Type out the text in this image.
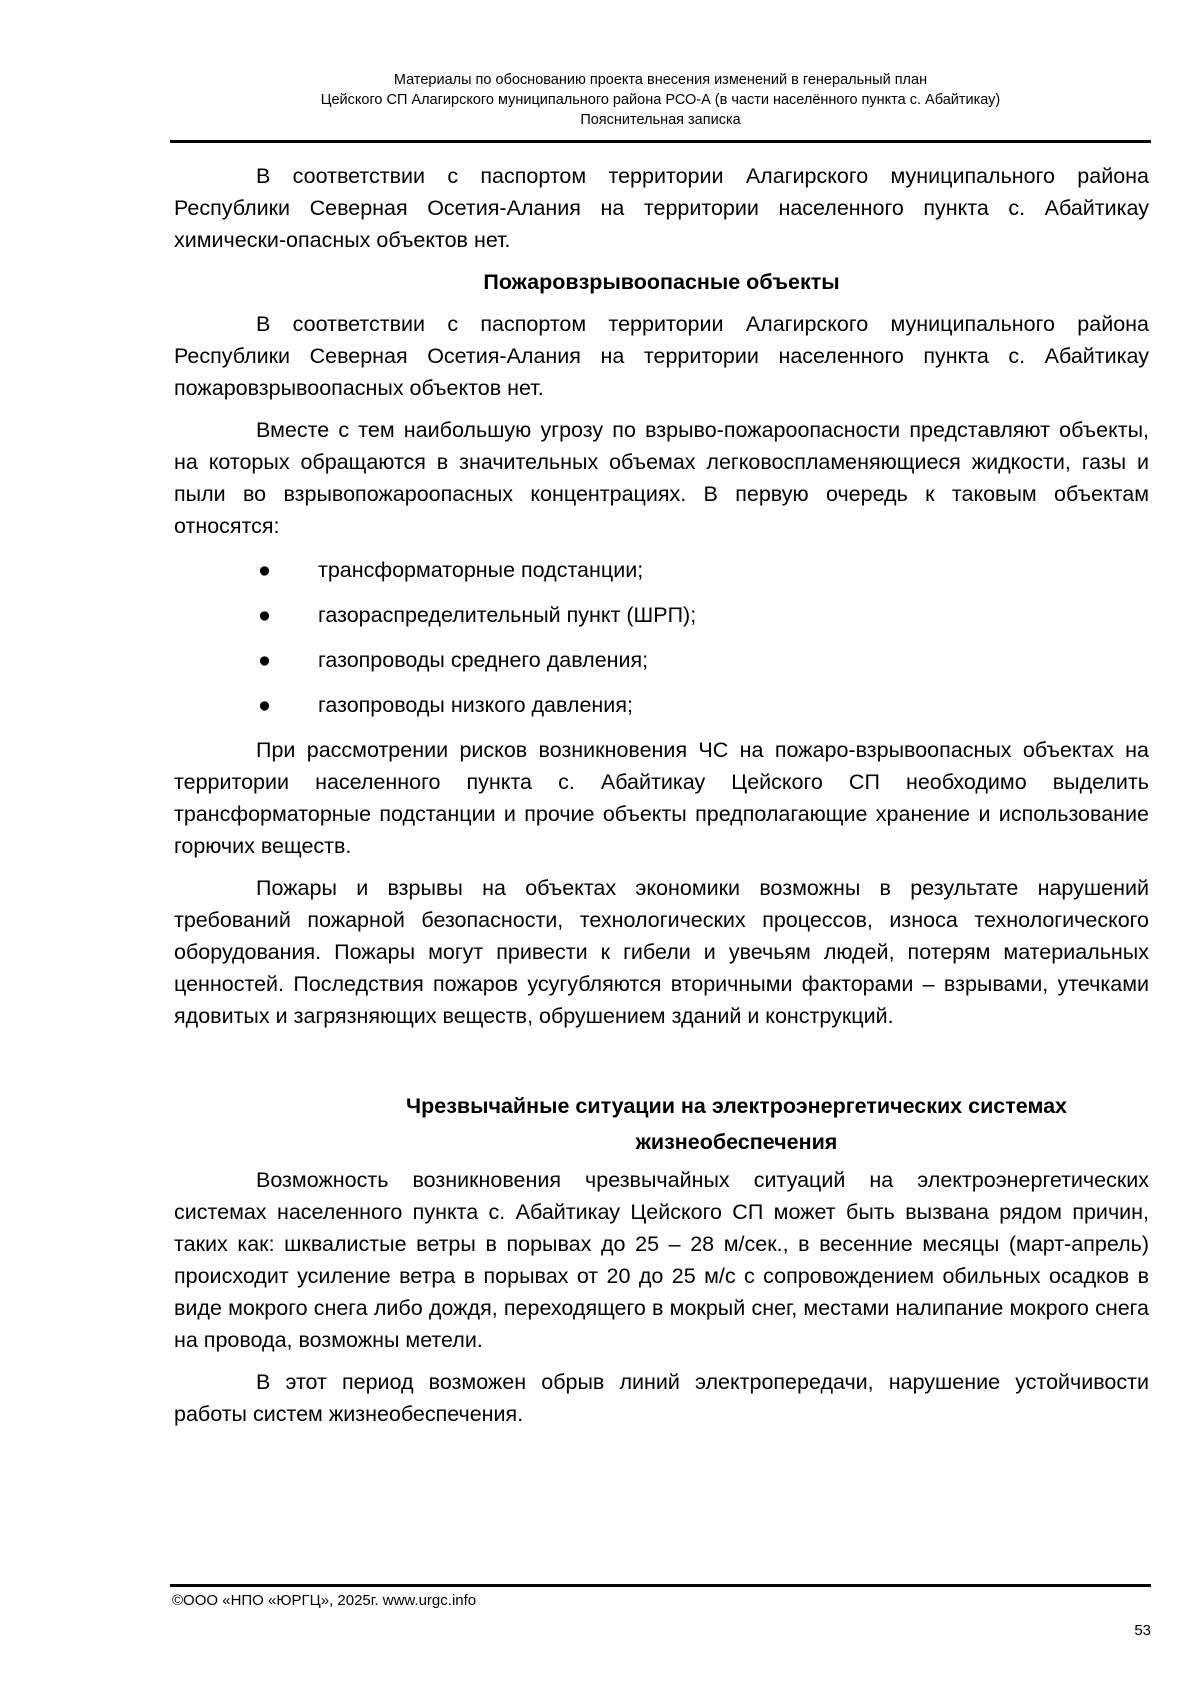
Материалы по обоснованию проекта внесения изменений в генеральный план
Цейского СП Алагирского муниципального района РСО-А (в части населённого пункта с. Абайтикау)
Пояснительная записка

В соответствии с паспортом территории Алагирского муниципального района Республики Северная Осетия-Алания на территории населенного пункта с. Абайтикау химически-опасных объектов нет.

Пожаровзрывоопасные объекты

В соответствии с паспортом территории Алагирского муниципального района Республики Северная Осетия-Алания на территории населенного пункта с. Абайтикау пожаровзрывоопасных объектов нет.

Вместе с тем наибольшую угрозу по взрыво-пожароопасности представляют объекты, на которых обращаются в значительных объемах легковоспламеняющиеся жидкости, газы и пыли во взрывопожароопасных концентрациях. В первую очередь к таковым объектам относятся:

● трансформаторные подстанции;
● газораспределительный пункт (ШРП);
● газопроводы среднего давления;
● газопроводы низкого давления;

При рассмотрении рисков возникновения ЧС на пожаро-взрывоопасных объектах на территории населенного пункта с. Абайтикау Цейского СП необходимо выделить трансформаторные подстанции и прочие объекты предполагающие хранение и использование горючих веществ.

Пожары и взрывы на объектах экономики возможны в результате нарушений требований пожарной безопасности, технологических процессов, износа технологического оборудования. Пожары могут привести к гибели и увечьям людей, потерям материальных ценностей. Последствия пожаров усугубляются вторичными факторами – взрывами, утечками ядовитых и загрязняющих веществ, обрушением зданий и конструкций.

Чрезвычайные ситуации на электроэнергетических системах
жизнеобеспечения

Возможность возникновения чрезвычайных ситуаций на электроэнергетических системах населенного пункта с. Абайтикау Цейского СП может быть вызвана рядом причин, таких как: шквалистые ветры в порывах до 25 – 28 м/сек., в весенние месяцы (март-апрель) происходит усиление ветра в порывах от 20 до 25 м/с с сопровождением обильных осадков в виде мокрого снега либо дождя, переходящего в мокрый снег, местами налипание мокрого снега на провода, возможны метели.

В этот период возможен обрыв линий электропередачи, нарушение устойчивости работы систем жизнеобеспечения.

©ООО «НПО «ЮРГЦ», 2025г. www.urgc.info
53
